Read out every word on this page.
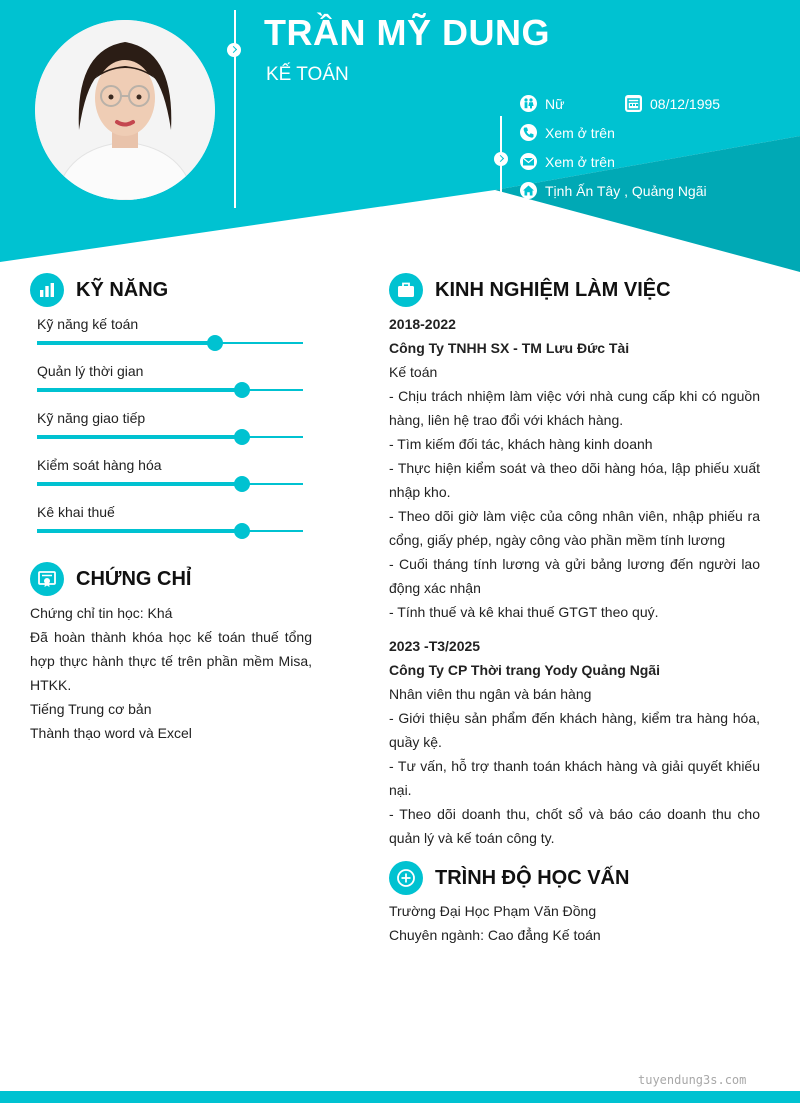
TRẦN MỸ DUNG
KẾ TOÁN
Nữ	08/12/1995
Xem ở trên
Xem ở trên
Tịnh Ấn Tây , Quảng Ngãi
KỸ NĂNG
Kỹ năng kế toán
Quản lý thời gian
Kỹ năng giao tiếp
Kiểm soát hàng hóa
Kê khai thuế
CHỨNG CHỈ

Chứng chỉ tin học: Khá

Đã hoàn thành khóa học kế toán thuế tổng hợp thực hành thực tế trên phần mềm Misa, HTKK.

Tiếng Trung cơ bản

Thành thạo word và Excel

KINH NGHIỆM LÀM VIỆC

2018-2022

Công Ty TNHH SX - TM Lưu Đức Tài

Kế toán

- Chịu trách nhiệm làm việc với nhà cung cấp khi có nguồn hàng, liên hệ trao đổi với khách hàng.

- Tìm kiếm đối tác, khách hàng kinh doanh

- Thực hiện kiểm soát và theo dõi hàng hóa, lập phiếu xuất nhập kho.

- Theo dõi giờ làm việc của công nhân viên, nhập phiếu ra cổng, giấy phép, ngày công vào phần mềm tính lương

- Cuối tháng tính lương và gửi bảng lương đến người lao động xác nhận

- Tính thuế và kê khai thuế GTGT theo quý.

2023 -T3/2025

Công Ty CP Thời trang Yody Quảng Ngãi

Nhân viên thu ngân và bán hàng

- Giới thiệu sản phẩm đến khách hàng, kiểm tra hàng hóa, quầy kệ.

- Tư vấn, hỗ trợ thanh toán khách hàng và giải quyết khiếu nại.

- Theo dõi doanh thu, chốt sổ và báo cáo doanh thu cho quản lý và kế toán công ty.

TRÌNH ĐỘ HỌC VẤN

Trường Đại Học Phạm Văn Đồng

Chuyên ngành: Cao đẳng Kế toán

tuyendung3s.com
